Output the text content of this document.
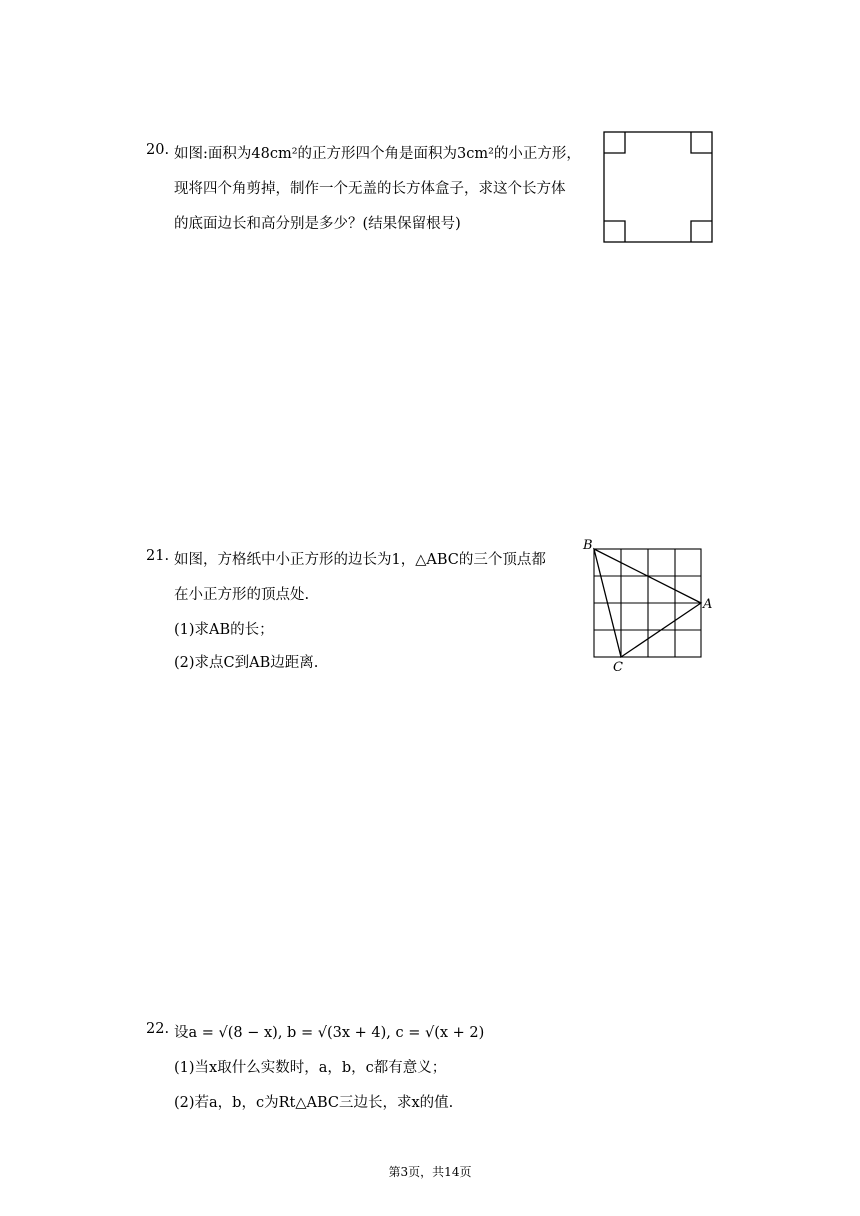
20. 如图:面积为48cm²的正方形四个角是面积为3cm²的小正方形，
现将四个角剪掉，制作一个无盖的长方体盒子，求这个长方体
的底面边长和高分别是多少？(结果保留根号)
21. 如图，方格纸中小正方形的边长为1，△ABC的三个顶点都
在小正方形的顶点处.
(1)求AB的长；
(2)求点C到AB边距离.
B
A
C
22. 设a = √(8 − x), b = √(3x + 4), c = √(x + 2)
(1)当x取什么实数时，a，b，c都有意义；
(2)若a，b，c为Rt△ABC三边长，求x的值.
第3页，共14页
